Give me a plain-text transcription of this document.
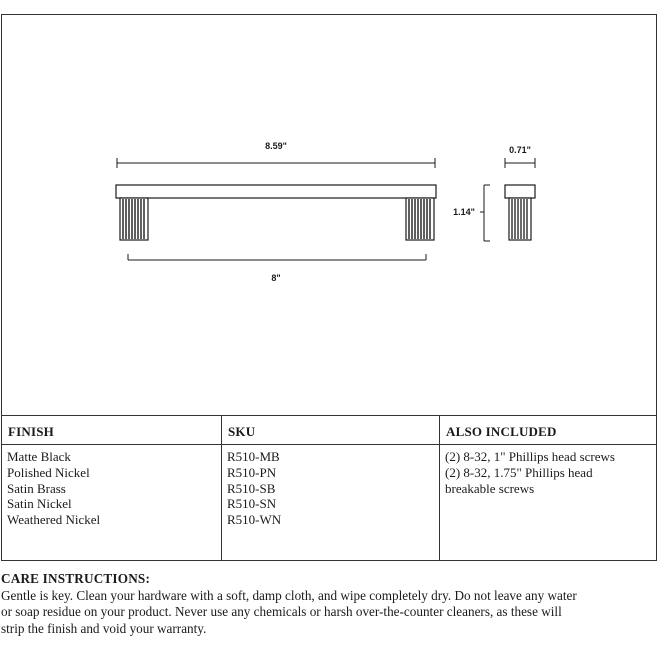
8.59"
8"
0.71"
1.14"
FINISH
Matte Black
Polished Nickel
Satin Brass
Satin Nickel
Weathered Nickel
SKU
R510-MB
R510-PN
R510-SB
R510-SN
R510-WN
ALSO INCLUDED
(2) 8-32, 1" Phillips head screws
(2) 8-32, 1.75" Phillips head
breakable screws
CARE INSTRUCTIONS:
Gentle is key. Clean your hardware with a soft, damp cloth, and wipe completely dry. Do not leave any water
or soap residue on your product. Never use any chemicals or harsh over-the-counter cleaners, as these will
strip the finish and void your warranty.
